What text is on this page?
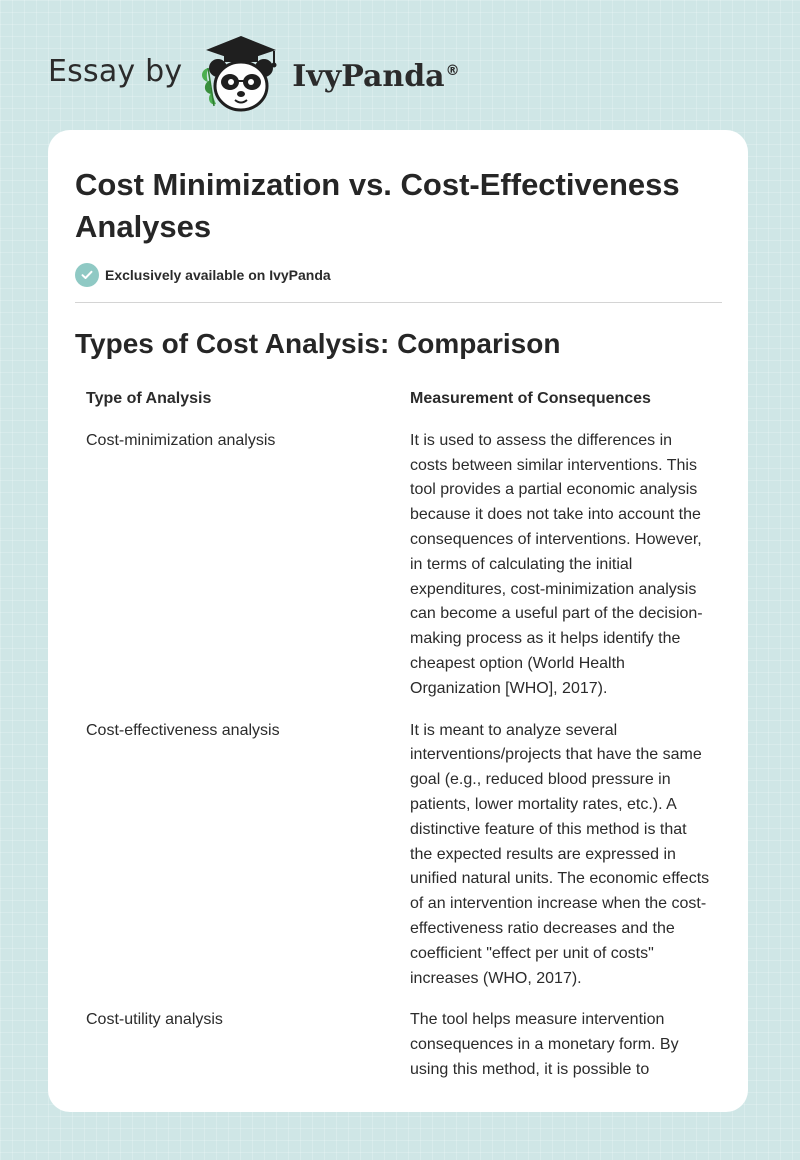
Essay by	IvyPanda®
Cost Minimization vs. Cost-Effectiveness Analyses
Exclusively available on IvyPanda
Types of Cost Analysis: Comparison
Type of Analysis	Measurement of Consequences
Cost-minimization analysis	It is used to assess the differences in costs between similar interventions. This tool provides a partial economic analysis because it does not take into account the consequences of interventions. However, in terms of calculating the initial expenditures, cost-minimization analysis can become a useful part of the decision-making process as it helps identify the cheapest option (World Health Organization [WHO], 2017).
Cost-effectiveness analysis	It is meant to analyze several interventions/projects that have the same goal (e.g., reduced blood pressure in patients, lower mortality rates, etc.). A distinctive feature of this method is that the expected results are expressed in unified natural units. The economic effects of an intervention increase when the cost-effectiveness ratio decreases and the coefficient "effect per unit of costs" increases (WHO, 2017).
Cost-utility analysis	The tool helps measure intervention consequences in a monetary form. By using this method, it is possible to
